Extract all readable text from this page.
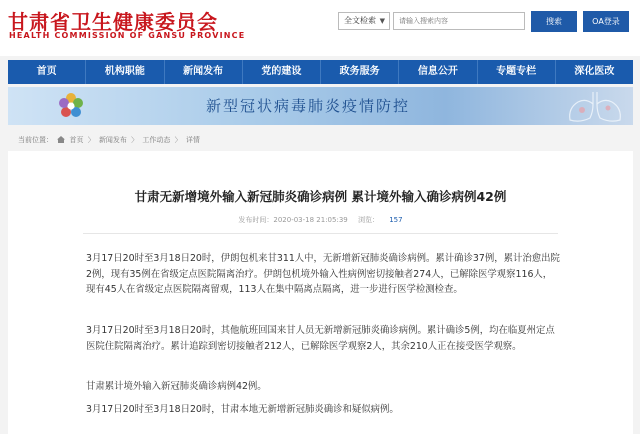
甘肃省卫生健康委员会
HEALTH COMMISSION OF GANSU PROVINCE
全文检索 ▼
请输入搜索内容	搜索	OA登录
首页	机构职能	新闻发布	党的建设	政务服务	信息公开	专题专栏	深化医改
新型冠状病毒肺炎疫情防控
当前位置： 首页 〉 新闻发布 〉 工作动态 〉 详情
甘肃无新增境外输入新冠肺炎确诊病例 累计境外输入确诊病例42例
发布时间：2020-03-18 21:05:39 浏览： 157

3月17日20时至3月18日20时，伊朗包机来甘311人中，无新增新冠肺炎确诊病例。累计确诊37例，累计治愈出院2例，现有35例在省级定点医院隔离治疗。伊朗包机境外输入性病例密切接触者274人，已解除医学观察116人，现有45人在省级定点医院隔离留观，113人在集中隔离点隔离，进一步进行医学检测检查。

3月17日20时至3月18日20时，其他航班回国来甘人员无新增新冠肺炎确诊病例。累计确诊5例，均在临夏州定点医院住院隔离治疗。累计追踪到密切接触者212人，已解除医学观察2人，其余210人正在接受医学观察。

甘肃累计境外输入新冠肺炎确诊病例42例。

3月17日20时至3月18日20时，甘肃本地无新增新冠肺炎确诊和疑似病例。
